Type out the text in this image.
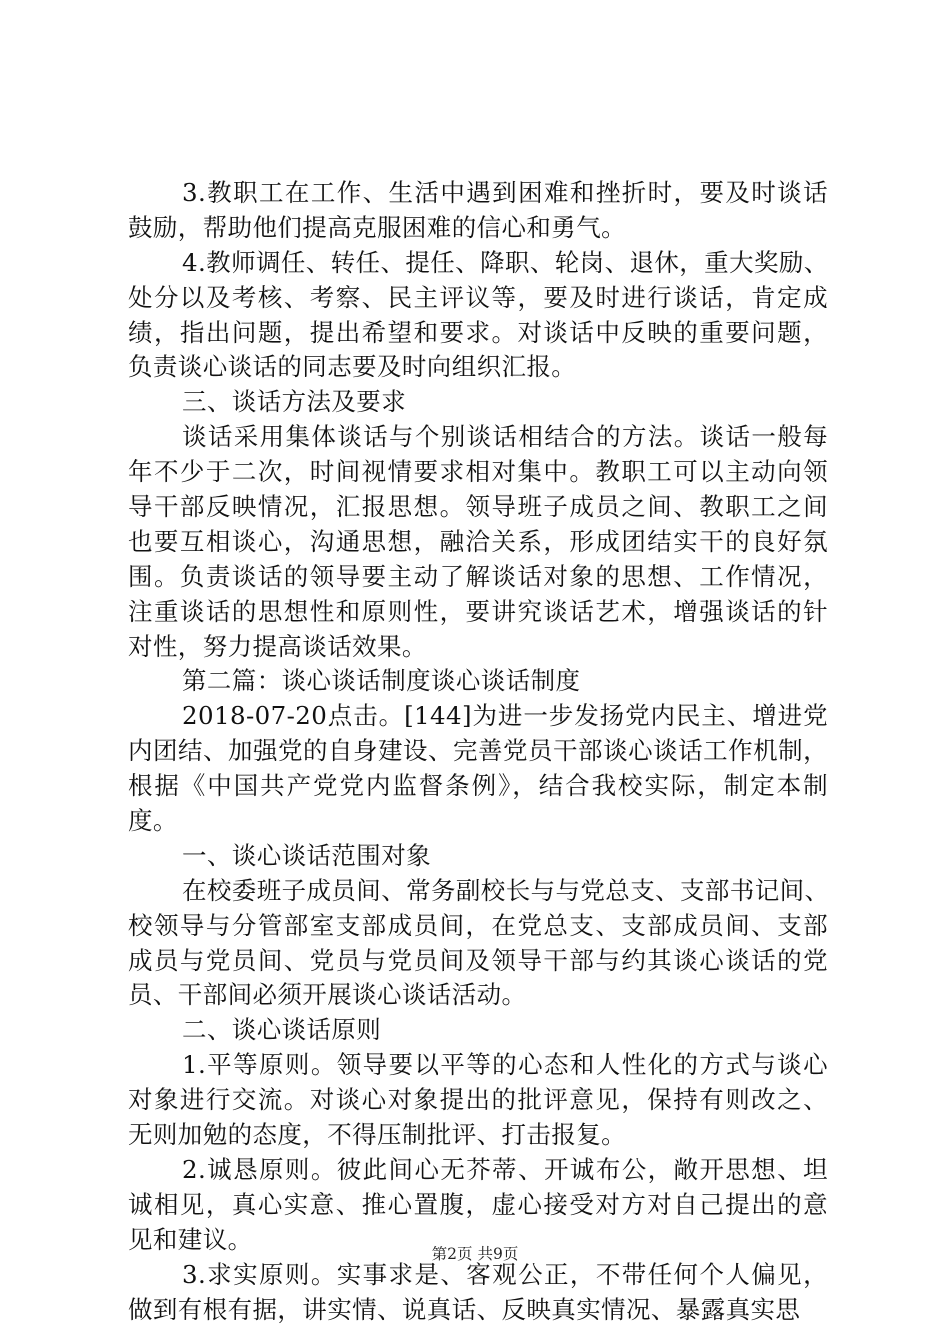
3.教职工在工作、生活中遇到困难和挫折时，要及时谈话
鼓励，帮助他们提高克服困难的信心和勇气。
4.教师调任、转任、提任、降职、轮岗、退休，重大奖励、
处分以及考核、考察、民主评议等，要及时进行谈话，肯定成
绩，指出问题，提出希望和要求。对谈话中反映的重要问题，
负责谈心谈话的同志要及时向组织汇报。
三、谈话方法及要求
谈话采用集体谈话与个别谈话相结合的方法。谈话一般每
年不少于二次，时间视情要求相对集中。教职工可以主动向领
导干部反映情况，汇报思想。领导班子成员之间、教职工之间
也要互相谈心，沟通思想，融洽关系，形成团结实干的良好氛
围。负责谈话的领导要主动了解谈话对象的思想、工作情况，
注重谈话的思想性和原则性，要讲究谈话艺术，增强谈话的针
对性，努力提高谈话效果。
第二篇：谈心谈话制度谈心谈话制度
2018-07-20点击。[144]为进一步发扬党内民主、增进党
内团结、加强党的自身建设、完善党员干部谈心谈话工作机制，
根据《中国共产党党内监督条例》，结合我校实际，制定本制
度。
一、谈心谈话范围对象
在校委班子成员间、常务副校长与与党总支、支部书记间、
校领导与分管部室支部成员间，在党总支、支部成员间、支部
成员与党员间、党员与党员间及领导干部与约其谈心谈话的党
员、干部间必须开展谈心谈话活动。
二、谈心谈话原则
1.平等原则。领导要以平等的心态和人性化的方式与谈心
对象进行交流。对谈心对象提出的批评意见，保持有则改之、
无则加勉的态度，不得压制批评、打击报复。
2.诚恳原则。彼此间心无芥蒂、开诚布公，敞开思想、坦
诚相见，真心实意、推心置腹，虚心接受对方对自己提出的意
见和建议。
3.求实原则。实事求是、客观公正，不带任何个人偏见，
做到有根有据，讲实情、说真话、反映真实情况、暴露真实思
第2页 共9页
